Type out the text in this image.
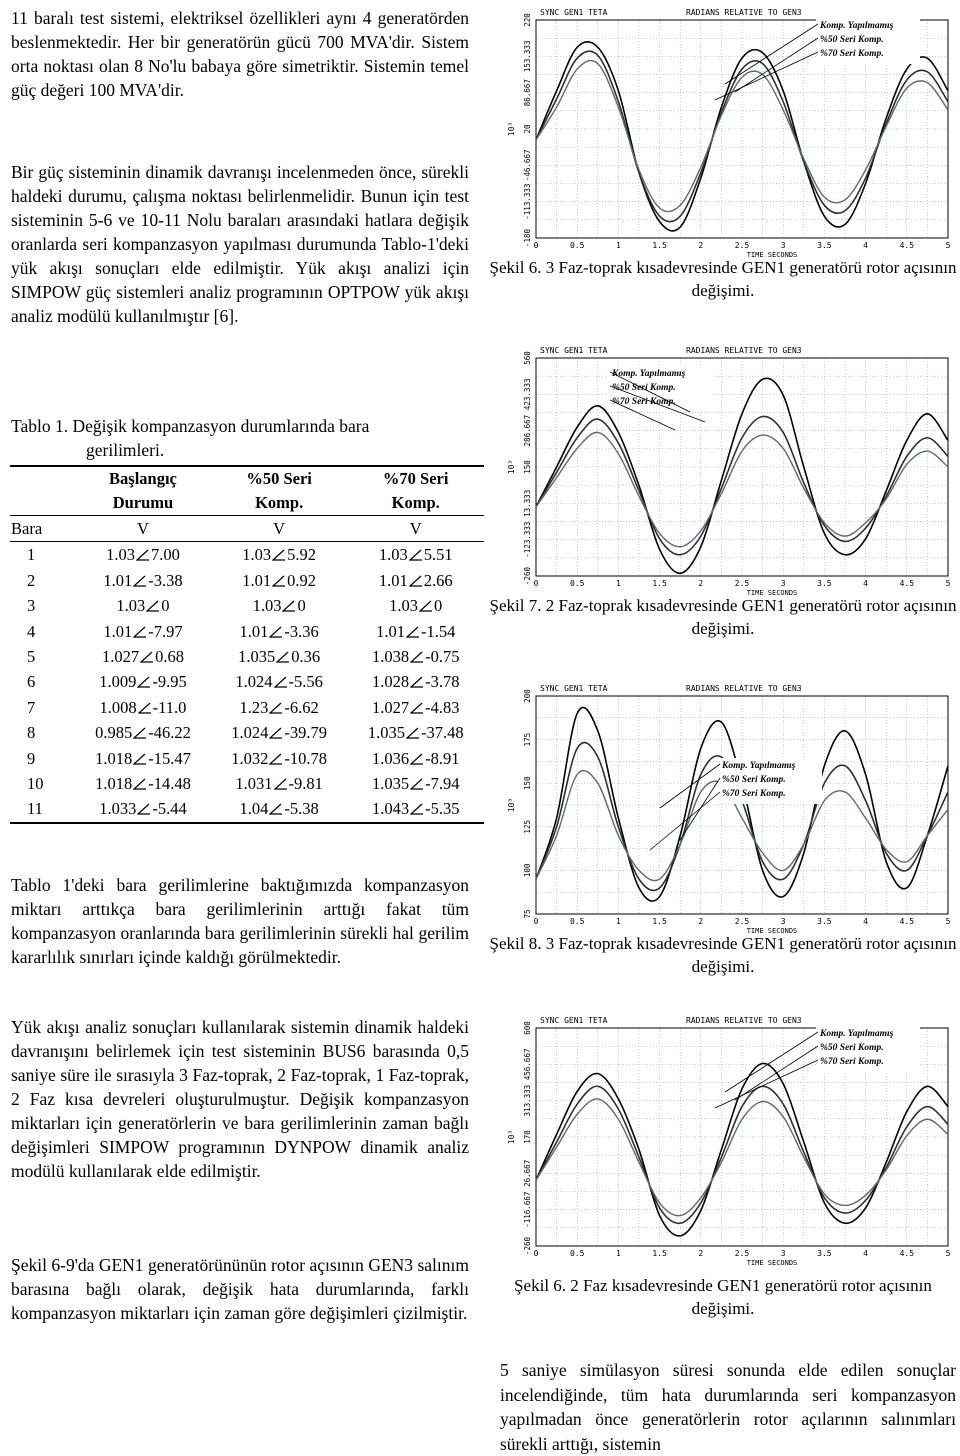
11 baralı test sistemi, elektriksel özellikleri aynı 4 generatörden beslenmektedir. Her bir generatörün gücü 700 MVA'dir. Sistem orta noktası olan 8 No'lu babaya göre simetriktir. Sistemin temel güç değeri 100 MVA'dir.

Bir güç sisteminin dinamik davranışı incelenmeden önce, sürekli haldeki durumu, çalışma noktası belirlenmelidir. Bunun için test sisteminin 5-6 ve 10-11 Nolu baraları arasındaki hatlara değişik oranlarda seri kompanzasyon yapılması durumunda Tablo-1'deki yük akışı sonuçları elde edilmiştir. Yük akışı analizi için SIMPOW güç sistemleri analiz programının OPTPOW yük akışı analiz modülü kullanılmıştır [6].

Tablo 1. Değişik kompanzasyon durumlarında bara
gerilimleri.
	Başlangıç	%50 Seri	%70 Seri
	Durumu	Komp.	Komp.
Bara	V	V	V
1	1.03 7.00	1.03 5.92	1.03 5.51
2	1.01 -3.38	1.01 0.92	1.01 2.66
3	1.03 0	1.03 0	1.03 0
4	1.01 -7.97	1.01 -3.36	1.01 -1.54
5	1.027 0.68	1.035 0.36	1.038 -0.75
6	1.009 -9.95	1.024 -5.56	1.028 -3.78
7	1.008 -11.0	1.23 -6.62	1.027 -4.83
8	0.985 -46.22	1.024 -39.79	1.035 -37.48
9	1.018 -15.47	1.032 -10.78	1.036 -8.91
10	1.018 -14.48	1.031 -9.81	1.035 -7.94
11	1.033 -5.44	1.04 -5.38	1.043 -5.35

Tablo 1'deki bara gerilimlerine baktığımızda kompanzasyon miktarı arttıkça bara gerilimlerinin arttığı fakat tüm kompanzasyon oranlarında bara gerilimlerinin sürekli hal gerilim kararlılık sınırları içinde kaldığı görülmektedir.

Yük akışı analiz sonuçları kullanılarak sistemin dinamik haldeki davranışını belirlemek için test sisteminin BUS6 barasında 0,5 saniye süre ile sırasıyla 3 Faz-toprak, 2 Faz-toprak, 1 Faz-toprak, 2 Faz kısa devreleri oluşturulmuştur. Değişik kompanzasyon miktarları için generatörlerin ve bara gerilimlerinin zaman bağlı değişimleri SIMPOW programının DYNPOW dinamik analiz modülü kullanılarak elde edilmiştir.

Şekil 6-9'da GEN1 generatörününün rotor açısının GEN3 salınım barasına bağlı olarak, değişik hata durumlarında, farklı kompanzasyon miktarları için zaman göre değişimleri çizilmiştir.

SYNC GEN1 TETA	RADIANS RELATIVE TO GEN3
0	0.5	1	1.5	2	2.5	3	3.5	4	4.5	5
TIME SECONDS
-180
-113.333
-46.667
20
86.667
153.333
220
10³
Komp. Yapılmamış
%50 Seri Komp.
%70 Seri Komp.

Şekil 6. 3 Faz-toprak kısadevresinde GEN1 generatörü rotor açısının değişimi.

SYNC GEN1 TETA	RADIANS RELATIVE TO GEN3
0	0.5	1	1.5	2	2.5	3	3.5	4	4.5	5
TIME SECONDS
-260
-123.333
13.333
150
286.667
423.333
560
10³
Komp. Yapılmamış
%50 Seri Komp.
%70 Seri Komp.

Şekil 7. 2 Faz-toprak kısadevresinde GEN1 generatörü rotor açısının değişimi.

SYNC GEN1 TETA	RADIANS RELATIVE TO GEN3
0	0.5	1	1.5	2	2.5	3	3.5	4	4.5	5
TIME SECONDS
75
100
125
150
175
200
10³
Komp. Yapılmamış
%50 Seri Komp.
%70 Seri Komp.

Şekil 8. 3 Faz-toprak kısadevresinde GEN1 generatörü rotor açısının değişimi.

SYNC GEN1 TETA	RADIANS RELATIVE TO GEN3
0	0.5	1	1.5	2	2.5	3	3.5	4	4.5	5
TIME SECONDS
-260
-116.667
26.667
170
313.333
456.667
600
10³
Komp. Yapılmamış
%50 Seri Komp.
%70 Seri Komp.

Şekil 6. 2 Faz kısadevresinde GEN1 generatörü rotor açısının değişimi.

5 saniye simülasyon süresi sonunda elde edilen sonuçlar incelendiğinde, tüm hata durumlarında seri kompanzasyon yapılmadan önce generatörlerin rotor açılarının salınımları sürekli arttığı, sistemin
